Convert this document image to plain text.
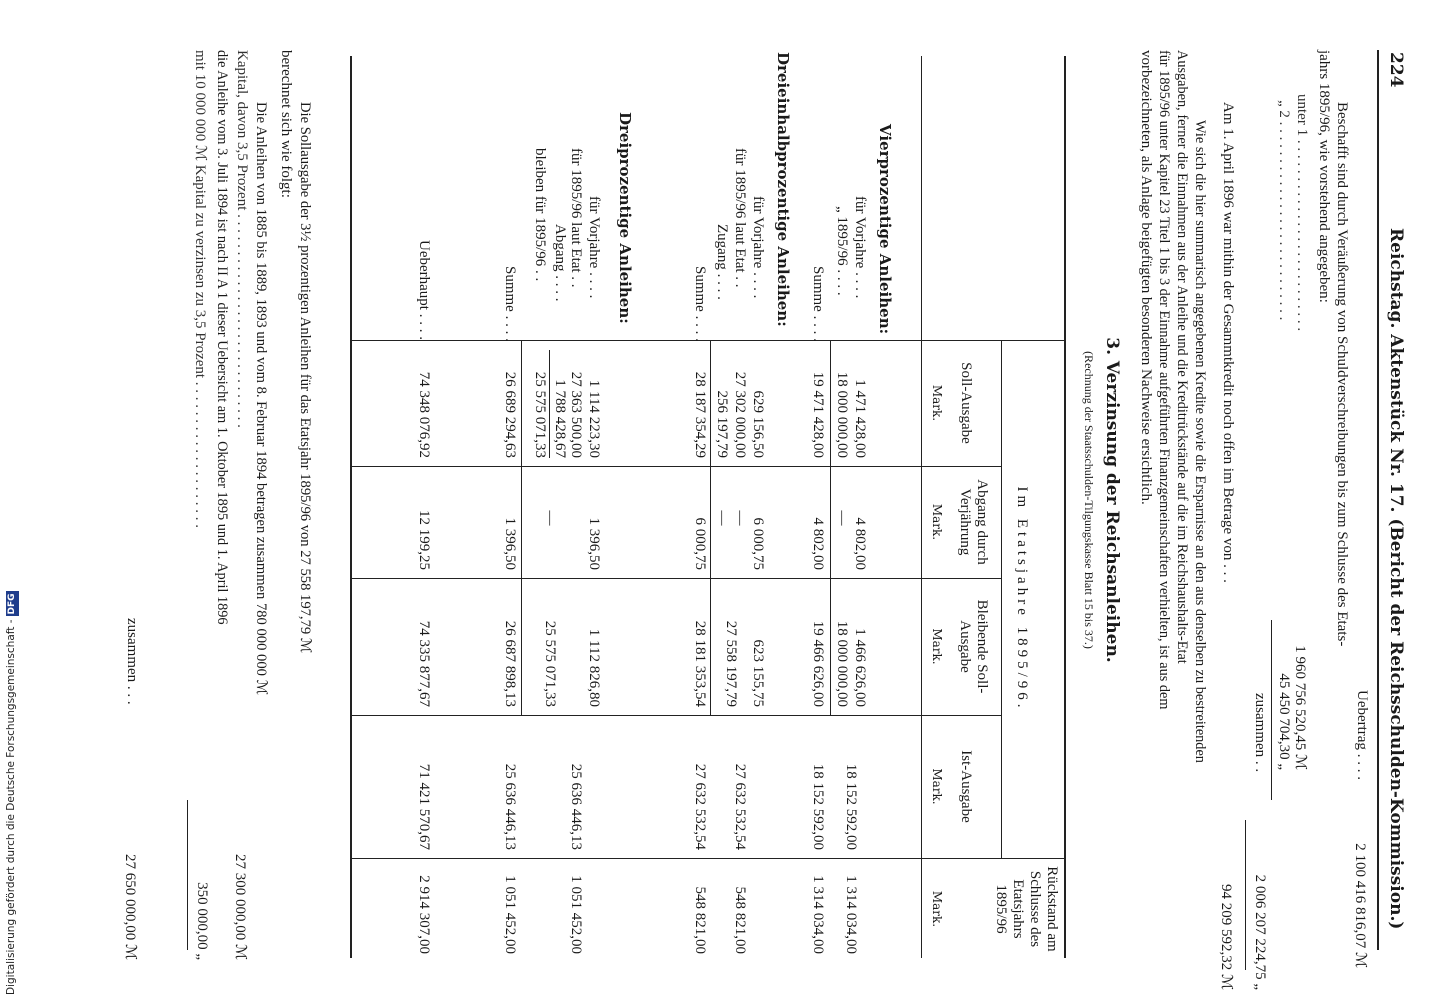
Digitalisierung gefördert durch die Deutsche Forschungsgemeinschaft -DFG
224
Reichstag. Aktenstück Nr. 17. (Bericht der Reichsschulden-Kommission.)
Uebertrag . . . .
2 100 416 816,07 ℳ
Beschafft sind durch Veräußerung von Schuldverschreibungen bis zum Schlusse des Etats-
jahrs 1895/96, wie vorstehend angegeben:
unter 1 . . . . . . . . . . . . . . . . . . . . . . . . . .
1 960 756 520,45 ℳ
„ 2 . . . . . . . . . . . . . . . . . . . . . . . . . . .
45 450 704,30 „
zusammen . .
2 006 207 224,75 „
Am 1. April 1896 war mithin der Gesammtkredit noch offen im Betrage von . . .
94 209 592,32 ℳ
Wie sich die hier summarisch angegebenen Kredite sowie die Ersparnisse an den aus denselben zu bestreitenden
Ausgaben, ferner die Einnahmen aus der Anleihe und die Kreditrückstände auf die im Reichshaushalts-Etat
für 1895/96 unter Kapitel 23 Titel 1 bis 3 der Einnahme aufgeführten Finanzgemeinschaften verhielten, ist aus dem
vorbezeichneten, als Anlage beigefügten besonderen Nachweise ersichtlich.
3. Verzinsung der Reichsanleihen.
(Rechnung der Staatsschulden-Tilgungskasse Blatt 15 bis 37.)
Im Etatsjahre 1895/96.
Soll-Ausgabe
Abgang durch Verjährung
Bleibende Soll-Ausgabe
Ist-Ausgabe
Rückstand am Schlusse des Etatsjahrs 1895/96
Mark.
Mark.
Mark.
Mark.
Mark.
Vierprozentige Anleihen:
für Vorjahre . . . .
1 471 428,00
4 802,00
1 466 626,00
„ 1895/96 . . . .
18 000 000,00
—
18 000 000,00
18 152 592,00
1 314 034,00
Summe . . . .
19 471 428,00
4 802,00
19 466 626,00
18 152 592,00
1 314 034,00
Dreieinhalbprozentige Anleihen:
für Vorjahre . . . .
629 156,50
6 000,75
623 155,75
für 1895/96 laut Etat . .
27 302 000,00
—
27 558 197,79
Zugang . . . .
256 197,79
—
27 632 532,54
548 821,00
Summe . . . .
28 187 354,29
6 000,75
28 181 353,54
27 632 532,54
548 821,00
Dreiprozentige Anleihen:
für Vorjahre . . . .
1 114 223,30
1 396,50
1 112 826,80
für 1895/96 laut Etat . .
27 363 500,00
Abgang . . . .
1 788 428,67
bleiben für 1895/96 . .
25 575 071,33
—
25 575 071,33
25 636 446,13
1 051 452,00
Summe . . . .
26 689 294,63
1 396,50
26 687 898,13
25 636 446,13
1 051 452,00
Ueberhaupt . . . .
74 348 076,92
12 199,25
74 335 877,67
71 421 570,67
2 914 307,00
Die Sollausgabe der 3½ prozentigen Anleihen für das Etatsjahr 1895/96 von 27 558 197,79 ℳ
berechnet sich wie folgt:
Die Anleihen von 1885 bis 1889, 1893 und vom 8. Februar 1894 betragen zusammen 780 000 000 ℳ
Kapital, davon 3,5 Prozent . . . . . . . . . . . . . . . . . . . . . . . . . . . . .
27 300 000,00 ℳ
die Anleihe vom 3. Juli 1894 ist nach II A 1 dieser Uebersicht am 1. Oktober 1895 und 1. April 1896
mit 10 000 000 ℳ Kapital zu verzinsen zu 3,5 Prozent . . . . . . . . . . . . . . . . . . . .
350 000,00 „
zusammen . . .
27 650 000,00 ℳ
